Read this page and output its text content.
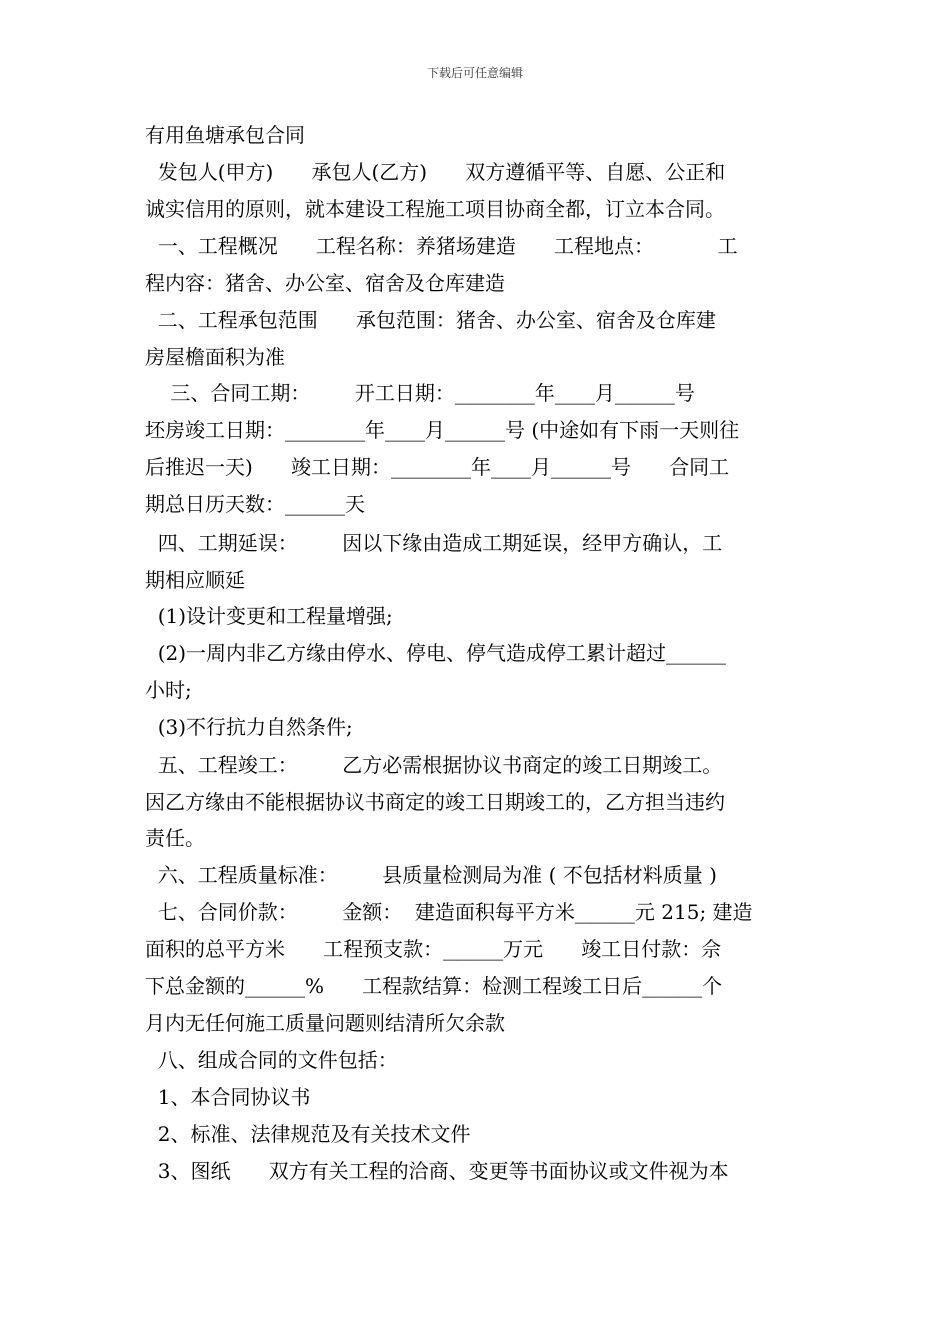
下载后可任意编辑
有用鱼塘承包合同
发包人(甲方)      承包人(乙方)      双方遵循平等、自愿、公正和
诚实信用的原则，就本建设工程施工项目协商全都，订立本合同。
一、工程概况      工程名称：养猪场建造      工程地点：          工
程内容：猪舍、办公室、宿舍及仓库建造
二、工程承包范围      承包范围：猪舍、办公室、宿舍及仓库建
房屋檐面积为准
三、合同工期：       开工日期：________年____月______号
坯房竣工日期：________年____月______号 (中途如有下雨一天则往
后推迟一天)      竣工日期：________年____月______号      合同工
期总日历天数：______天
四、工期延误：       因以下缘由造成工期延误，经甲方确认，工
期相应顺延
(1)设计变更和工程量增强;
(2)一周内非乙方缘由停水、停电、停气造成停工累计超过______
小时;
(3)不行抗力自然条件;
五、工程竣工：       乙方必需根据协议书商定的竣工日期竣工。
因乙方缘由不能根据协议书商定的竣工日期竣工的，乙方担当违约
责任。
六、工程质量标准：       县质量检测局为准 ( 不包括材料质量 )
七、合同价款：       金额：  建造面积每平方米______元 215; 建造
面积的总平方米      工程预支款：______万元      竣工日付款：佘
下总金额的______%      工程款结算：检测工程竣工日后______个
月内无任何施工质量问题则结清所欠余款
八、组成合同的文件包括：
1、本合同协议书
2、标准、法律规范及有关技术文件
3、图纸      双方有关工程的洽商、变更等书面协议或文件视为本
